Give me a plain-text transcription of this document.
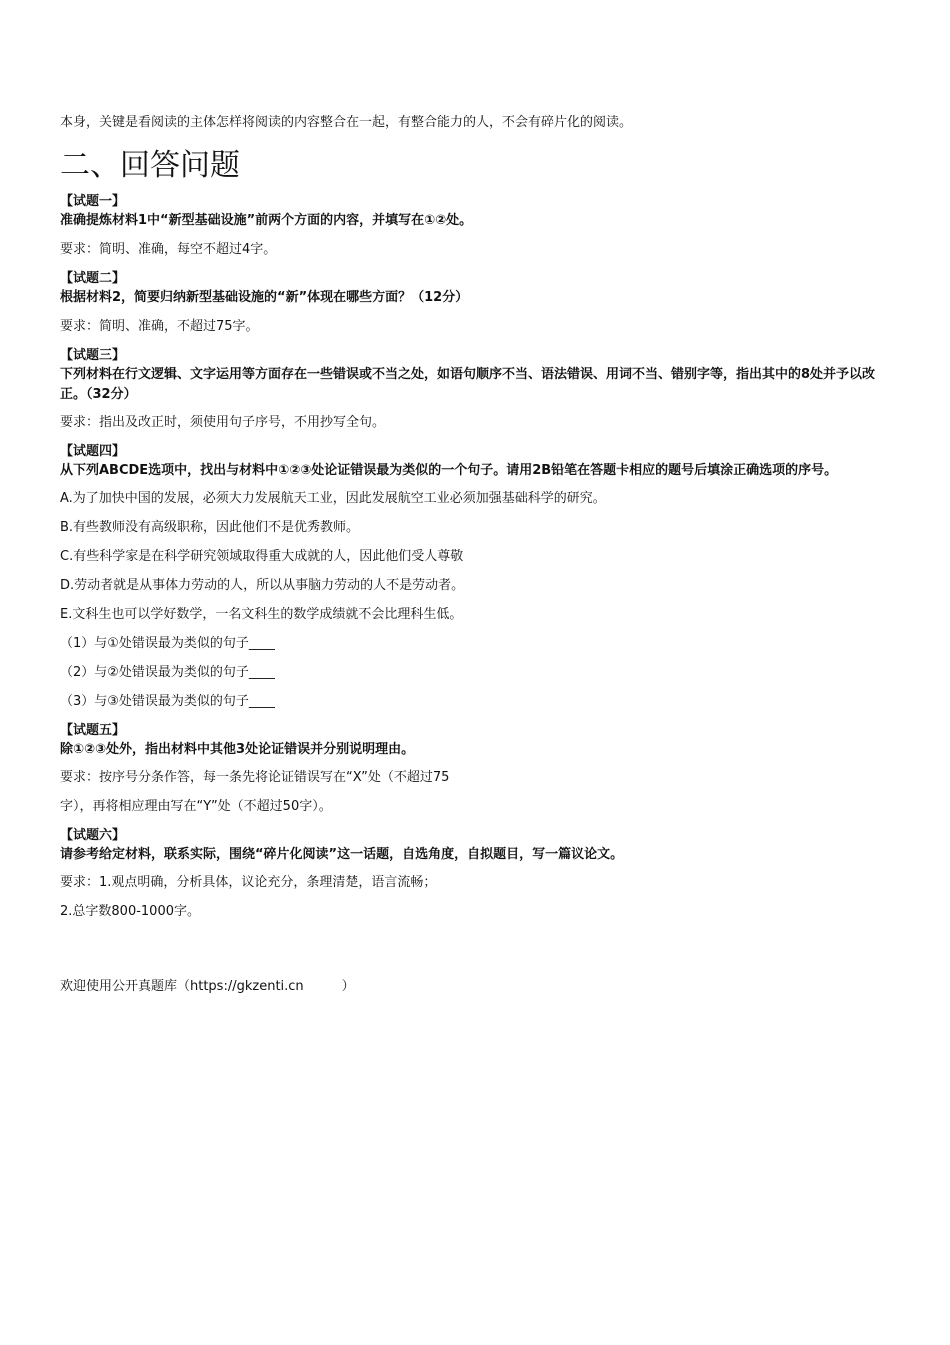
本身，关键是看阅读的主体怎样将阅读的内容整合在一起，有整合能力的人，不会有碎片化的阅读。
二、回答问题
【试题一】
准确提炼材料1中“新型基础设施”前两个方面的内容，并填写在①②处。
要求：简明、准确，每空不超过4字。
【试题二】
根据材料2，简要归纳新型基础设施的“新”体现在哪些方面？（12分）
要求：简明、准确，不超过75字。
【试题三】
下列材料在行文逻辑、文字运用等方面存在一些错误或不当之处，如语句顺序不当、语法错误、用词不当、错别字等，指出其中的8处并予以改正。（32分）
要求：指出及改正时，须使用句子序号，不用抄写全句。
【试题四】
从下列ABCDE选项中，找出与材料中①②③处论证错误最为类似的一个句子。请用2B铅笔在答题卡相应的题号后填涂正确选项的序号。
A.为了加快中国的发展，必须大力发展航天工业，因此发展航空工业必须加强基础科学的研究。
B.有些教师没有高级职称，因此他们不是优秀教师。
C.有些科学家是在科学研究领域取得重大成就的人，因此他们受人尊敬
D.劳动者就是从事体力劳动的人，所以从事脑力劳动的人不是劳动者。
E.文科生也可以学好数学，一名文科生的数学成绩就不会比理科生低。
（1）与①处错误最为类似的句子____
（2）与②处错误最为类似的句子____
（3）与③处错误最为类似的句子____
【试题五】
除①②③处外，指出材料中其他3处论证错误并分别说明理由。
要求：按序号分条作答，每一条先将论证错误写在“X”处（不超过75
字），再将相应理由写在“Y”处（不超过50字）。
【试题六】
请参考给定材料，联系实际，围绕“碎片化阅读”这一话题，自选角度，自拟题目，写一篇议论文。
要求：1.观点明确，分析具体，议论充分，条理清楚，语言流畅；
2.总字数800-1000字。
欢迎使用公开真题库（https://gkzenti.cn	）
